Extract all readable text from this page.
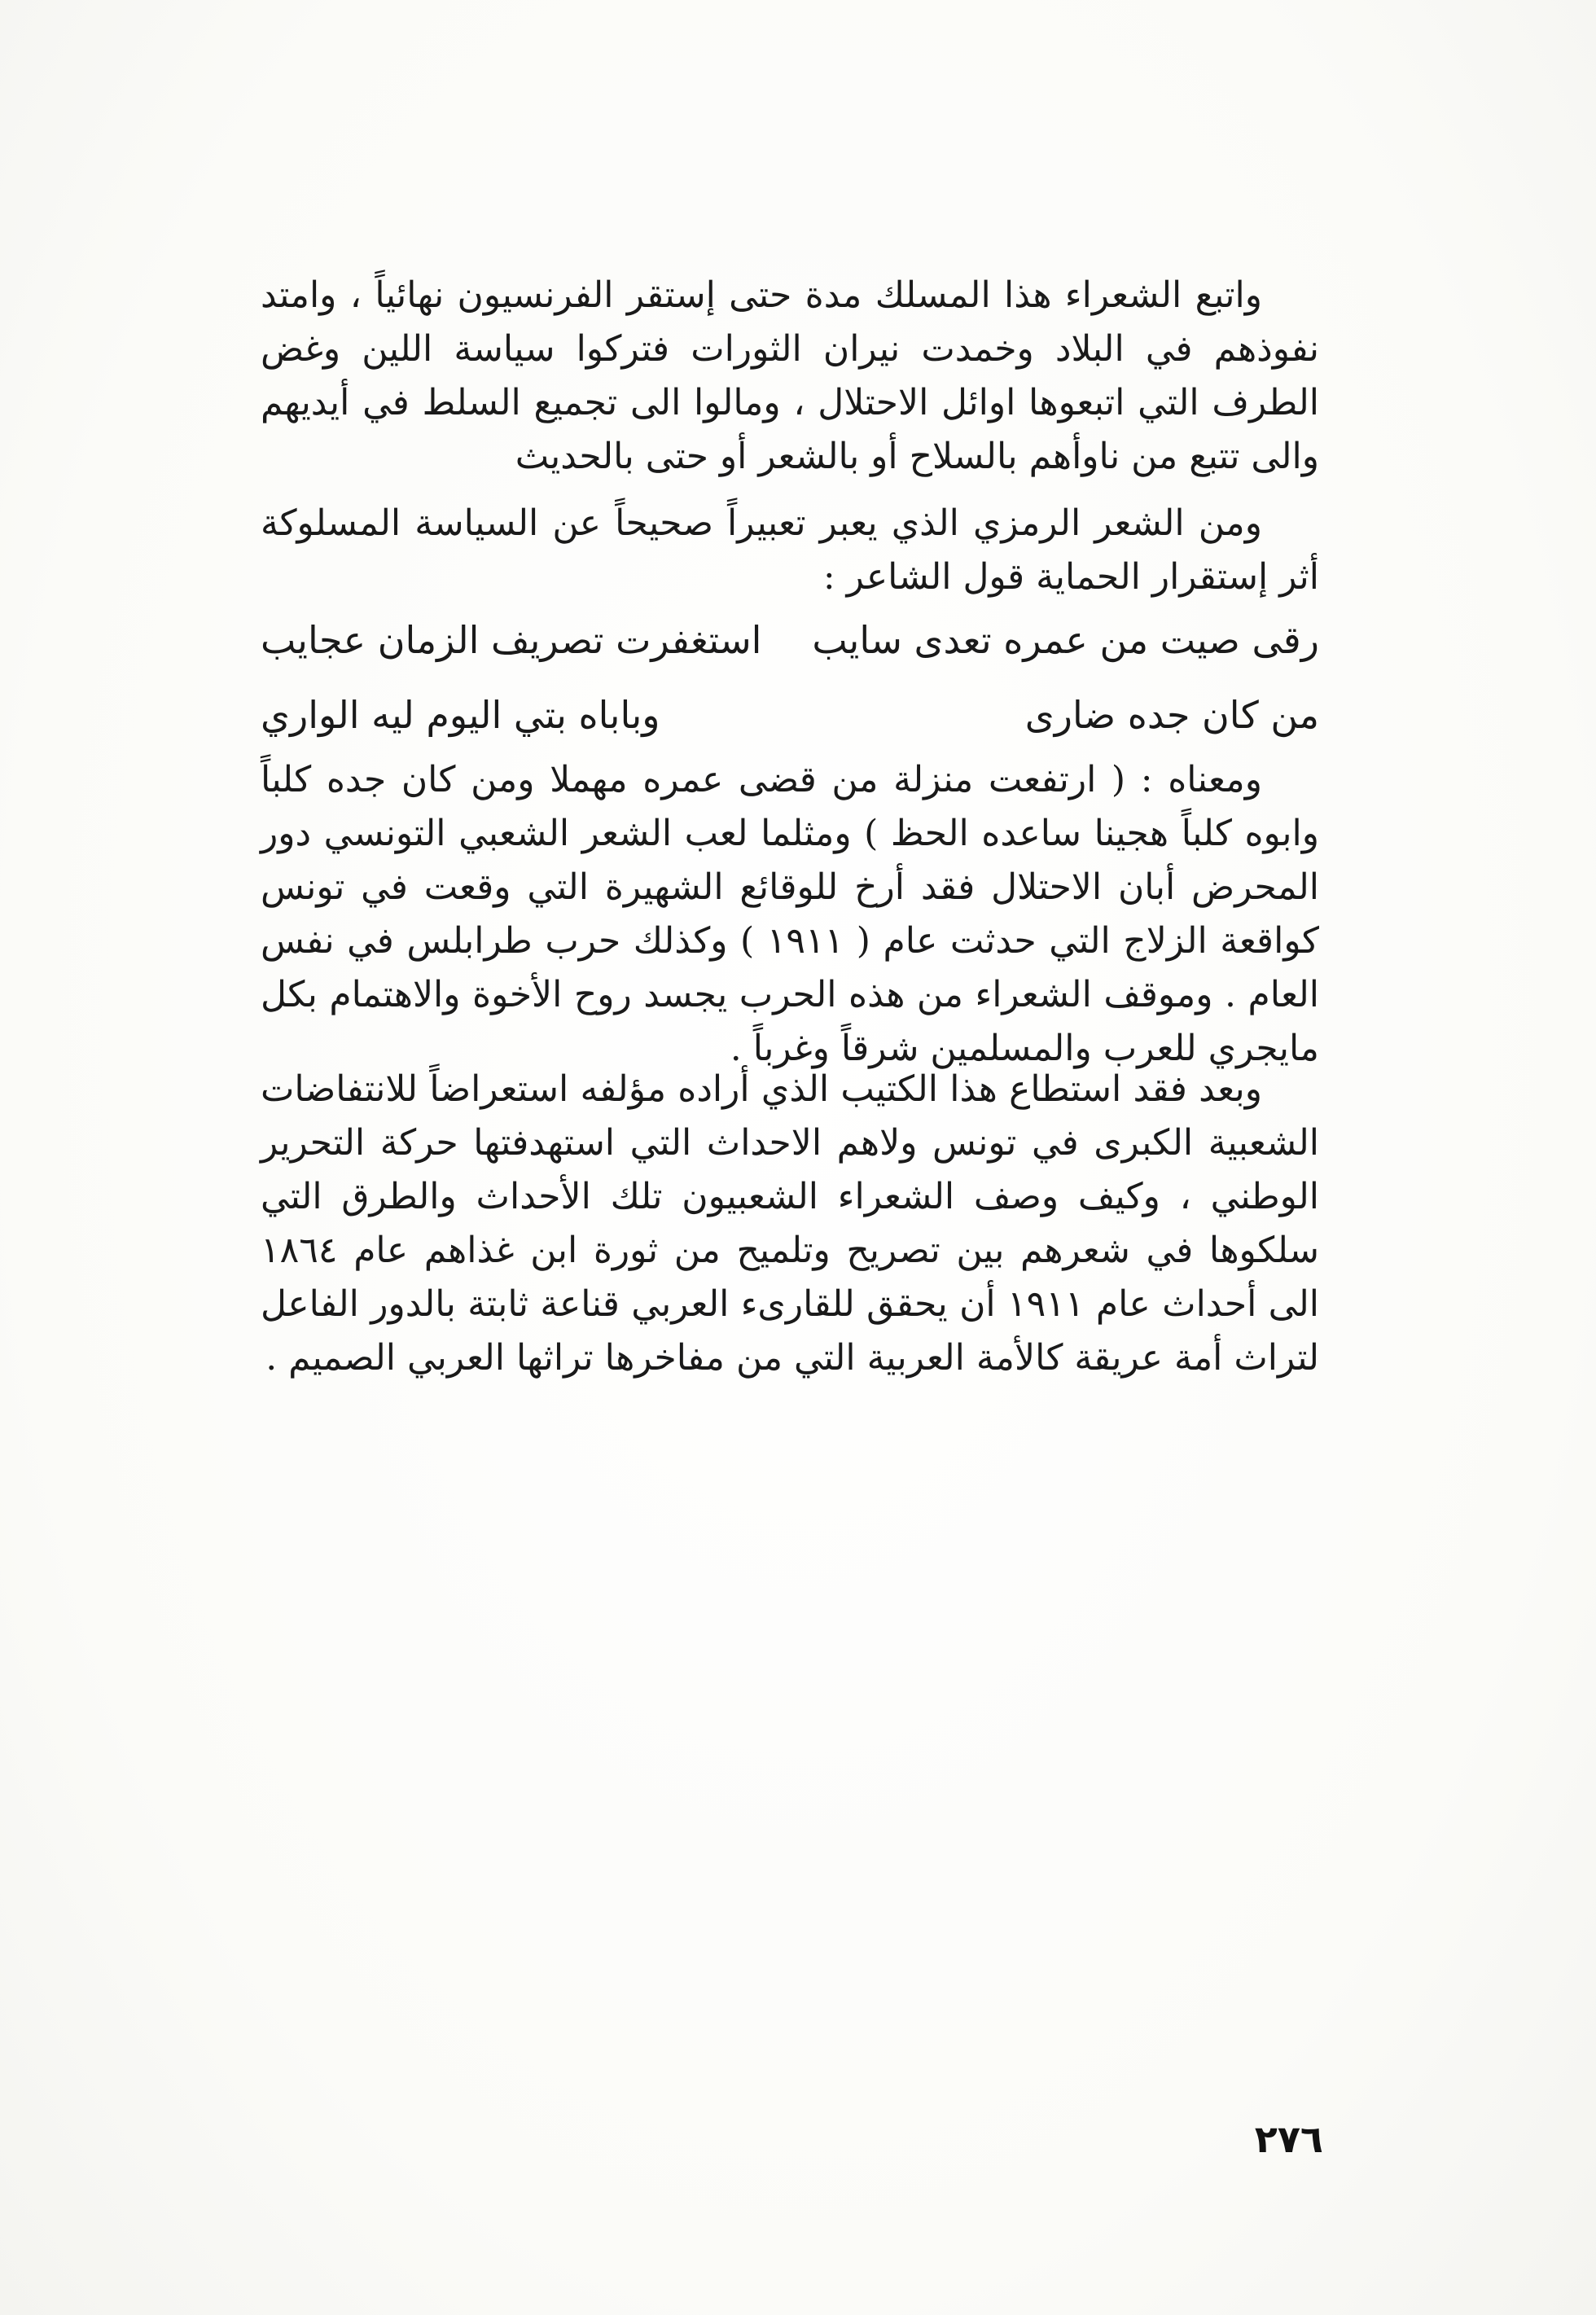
واتبع الشعراء هذا المسلك مدة حتى إستقر الفرنسيون نهائياً ، وامتد نفوذهم في البلاد وخمدت نيران الثورات فتركوا سياسة اللين وغض الطرف التي اتبعوها اوائل الاحتلال ، ومالوا الى تجميع السلط في أيديهم والى تتبع من ناوأهم بالسلاح أو بالشعر أو حتى بالحديث

ومن الشعر الرمزي الذي يعبر تعبيراً صحيحاً عن السياسة المسلوكة أثر إستقرار الحماية قول الشاعر :

رقى صيت من عمره تعدى سايب
استغفرت تصريف الزمان عجايب
من كان جده ضارى
وباباه بتي اليوم ليه الواري

ومعناه : ( ارتفعت منزلة من قضى عمره مهملا ومن كان جده كلباً وابوه كلباً هجينا ساعده الحظ ) ومثلما لعب الشعر الشعبي التونسي دور المحرض أبان الاحتلال فقد أرخ للوقائع الشهيرة التي وقعت في تونس كواقعة الزلاج التي حدثت عام ( ١٩١١ ) وكذلك حرب طرابلس في نفس العام . وموقف الشعراء من هذه الحرب يجسد روح الأخوة والاهتمام بكل مايجري للعرب والمسلمين شرقاً وغرباً .

وبعد فقد استطاع هذا الكتيب الذي أراده مؤلفه استعراضاً للانتفاضات الشعبية الكبرى في تونس ولاهم الاحداث التي استهدفتها حركة التحرير الوطني ، وكيف وصف الشعراء الشعبيون تلك الأحداث والطرق التي سلكوها في شعرهم بين تصريح وتلميح من ثورة ابن غذاهم عام ١٨٦٤ الى أحداث عام ١٩١١ أن يحقق للقارىء العربي قناعة ثابتة بالدور الفاعل لتراث أمة عريقة كالأمة العربية التي من مفاخرها تراثها العربي الصميم .

٢٧٦
